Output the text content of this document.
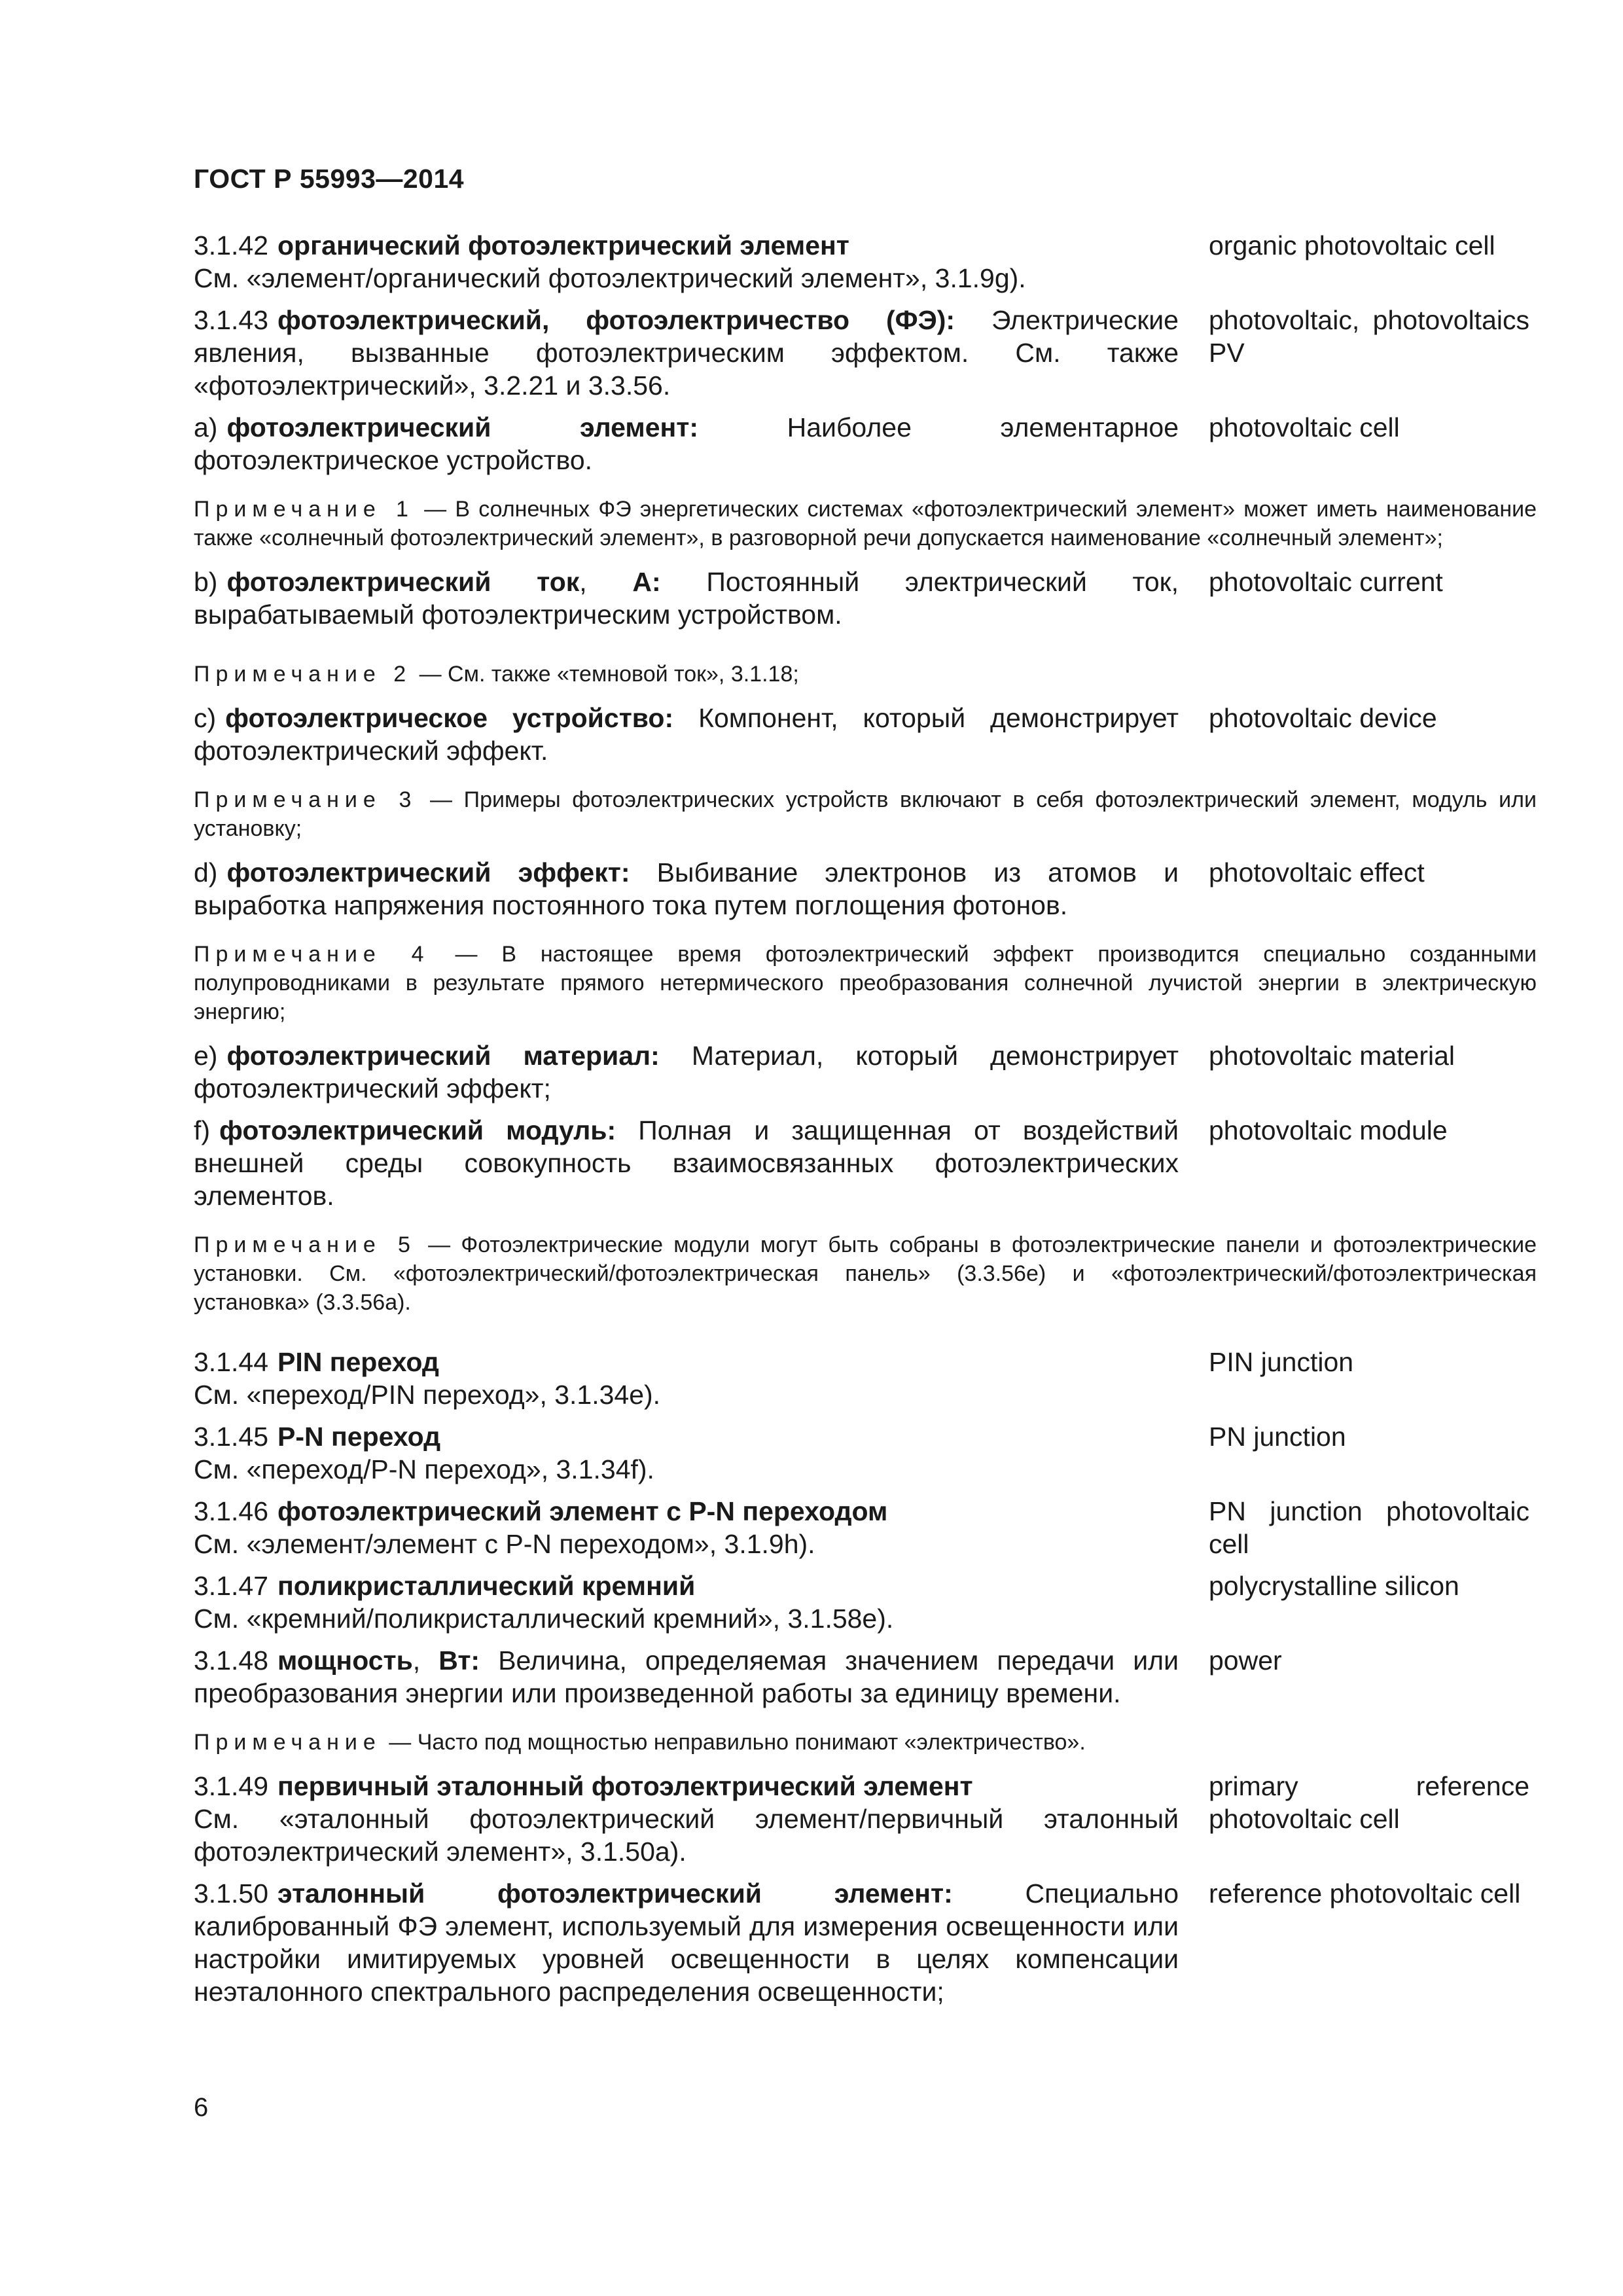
ГОСТ Р 55993—2014
3.1.42 органический фотоэлектрический элемент
См. «элемент/органический фотоэлектрический элемент», 3.1.9g).
organic photovoltaic cell
3.1.43 фотоэлектрический, фотоэлектричество (ФЭ): Электрические явления, вызванные фотоэлектрическим эффектом. См. также «фотоэлектрический», 3.2.21 и 3.3.56.
photovoltaic, photovoltaics PV
а) фотоэлектрический элемент:	Наиболее элементарное фотоэлектрическое устройство.
photovoltaic cell
Примечание 1 — В солнечных ФЭ энергетических системах «фотоэлектрический элемент» может иметь наименование также «солнечный фотоэлектрический элемент», в разговорной речи допускается наименование «солнечный элемент»;
b) фотоэлектрический ток, А: Постоянный электрический ток, вырабатываемый фотоэлектрическим устройством.
photovoltaic current
Примечание 2 — См. также «темновой ток», 3.1.18;
c) фотоэлектрическое устройство: Компонент, который демонстрирует фотоэлектрический эффект.
photovoltaic device
Примечание 3 — Примеры фотоэлектрических устройств включают в себя фотоэлектрический элемент, модуль или установку;
d) фотоэлектрический эффект: Выбивание электронов из атомов и выработка напряжения постоянного тока путем поглощения фотонов.
photovoltaic effect
Примечание 4 — В настоящее время фотоэлектрический эффект производится специально созданными полупроводниками в результате прямого нетермического преобразования солнечной лучистой энергии в электрическую энергию;
e) фотоэлектрический материал: Материал, который демонстрирует фотоэлектрический эффект;
photovoltaic material
f) фотоэлектрический модуль: Полная и защищенная от воздействий внешней среды совокупность взаимосвязанных фотоэлектрических элементов.
photovoltaic module
Примечание 5 — Фотоэлектрические модули могут быть собраны в фотоэлектрические панели и фотоэлектрические установки. См. «фотоэлектрический/фотоэлектрическая панель» (3.3.56e) и «фотоэлектрический/фотоэлектрическая установка» (3.3.56а).
3.1.44 PIN переход
См. «переход/PIN переход», 3.1.34e).
PIN junction
3.1.45 P-N переход
См. «переход/P-N переход», 3.1.34f).
PN junction
3.1.46 фотоэлектрический элемент с P-N переходом
См. «элемент/элемент с P-N переходом», 3.1.9h).
PN junction photovoltaic cell
3.1.47 поликристаллический кремний
См. «кремний/поликристаллический кремний», 3.1.58e).
polycrystalline silicon
3.1.48 мощность, Вт: Величина, определяемая значением передачи или преобразования энергии или произведенной работы за единицу времени.
power
Примечание — Часто под мощностью неправильно понимают «электричество».
3.1.49 первичный эталонный фотоэлектрический элемент
См. «эталонный фотоэлектрический элемент/первичный эталонный фотоэлектрический элемент», 3.1.50а).
primary reference photovoltaic cell
3.1.50 эталонный фотоэлектрический элемент:	Специально калиброванный ФЭ элемент, используемый для измерения освещенности или настройки имитируемых уровней освещенности в целях компенсации неэталонного спектрального распределения освещенности;
reference photovoltaic cell
6
